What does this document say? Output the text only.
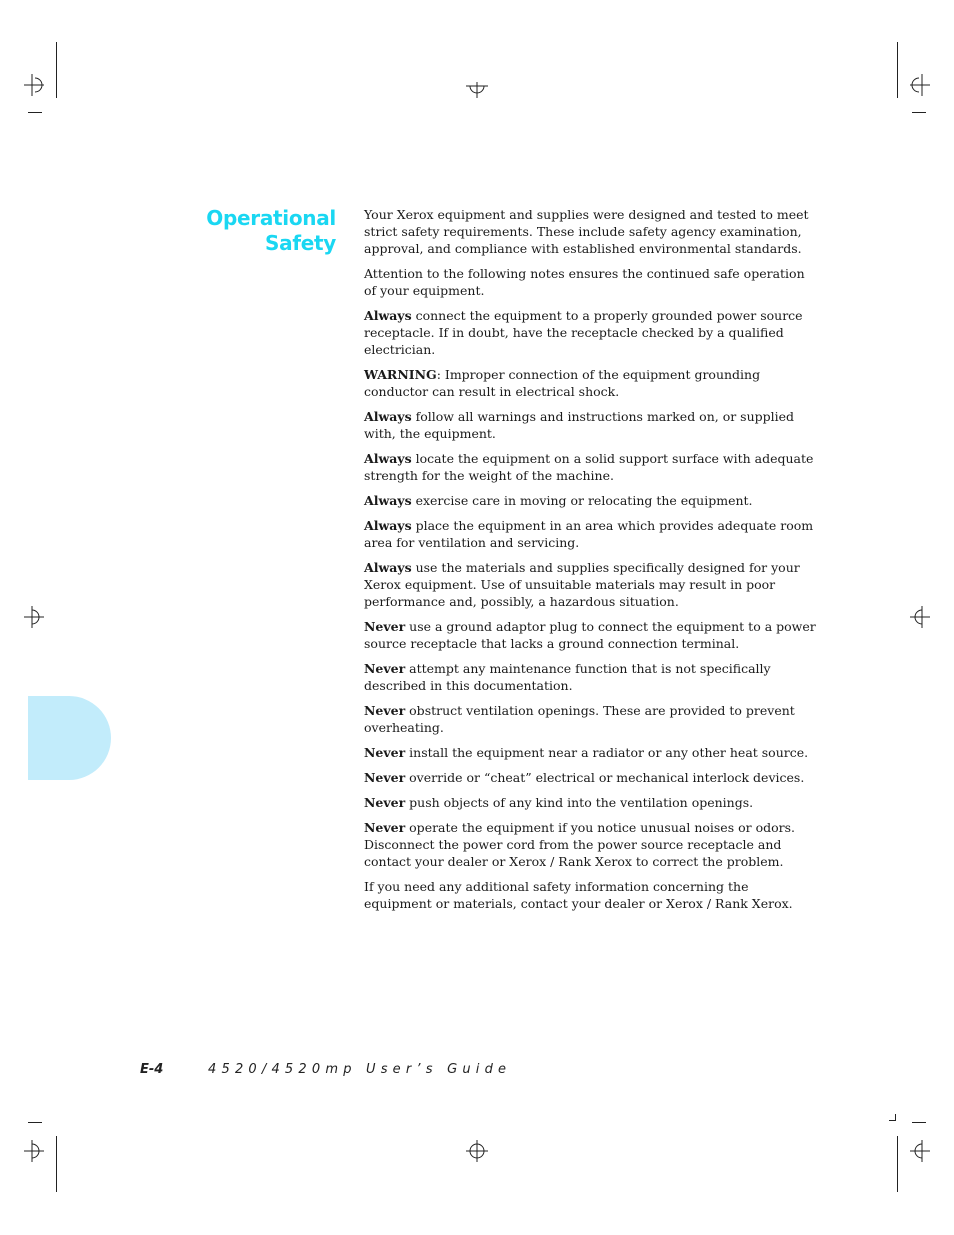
Operational
Safety

Your Xerox equipment and supplies were designed and tested to meet strict safety requirements. These include safety agency examination, approval, and compliance with established environmental standards.

Attention to the following notes ensures the continued safe operation of your equipment.

Always connect the equipment to a properly grounded power source receptacle. If in doubt, have the receptacle checked by a qualified electrician.

WARNING: Improper connection of the equipment grounding conductor can result in electrical shock.

Always follow all warnings and instructions marked on, or supplied with, the equipment.

Always locate the equipment on a solid support surface with adequate strength for the weight of the machine.

Always exercise care in moving or relocating the equipment.

Always place the equipment in an area which provides adequate room area for ventilation and servicing.

Always use the materials and supplies specifically designed for your Xerox equipment. Use of unsuitable materials may result in poor performance and, possibly, a hazardous situation.

Never use a ground adaptor plug to connect the equipment to a power source receptacle that lacks a ground connection terminal.

Never attempt any maintenance function that is not specifically described in this documentation.

Never obstruct ventilation openings. These are provided to prevent overheating.

Never install the equipment near a radiator or any other heat source.

Never override or “cheat” electrical or mechanical interlock devices.

Never push objects of any kind into the ventilation openings.

Never operate the equipment if you notice unusual noises or odors. Disconnect the power cord from the power source receptacle and contact your dealer or Xerox / Rank Xerox to correct the problem.

If you need any additional safety information concerning the equipment or materials, contact your dealer or Xerox / Rank Xerox.

E-4	4520/4520mp User’s Guide
